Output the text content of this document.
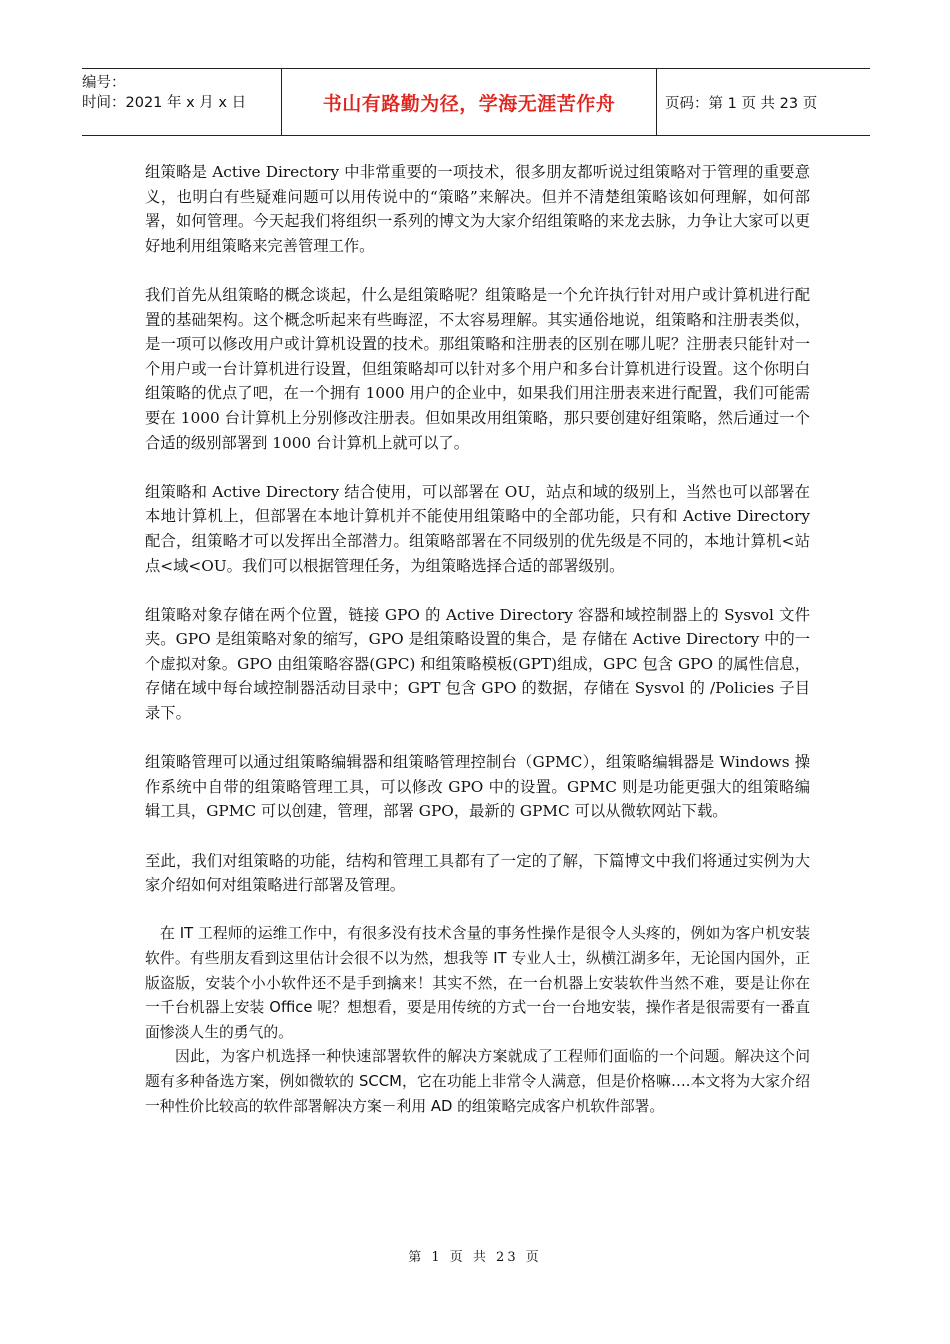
编号：
时间：2021 年 x 月 x 日	书山有路勤为径，学海无涯苦作舟	页码：第 1 页 共 23 页

组策略是 Active Directory 中非常重要的一项技术，很多朋友都听说过组策略对于管理的重要意义，也明白有些疑难问题可以用传说中的“策略”来解决。但并不清楚组策略该如何理解，如何部署，如何管理。今天起我们将组织一系列的博文为大家介绍组策略的来龙去脉，力争让大家可以更好地利用组策略来完善管理工作。

我们首先从组策略的概念谈起，什么是组策略呢？组策略是一个允许执行针对用户或计算机进行配置的基础架构。这个概念听起来有些晦涩，不太容易理解。其实通俗地说，组策略和注册表类似，是一项可以修改用户或计算机设置的技术。那组策略和注册表的区别在哪儿呢？注册表只能针对一个用户或一台计算机进行设置，但组策略却可以针对多个用户和多台计算机进行设置。这个你明白组策略的优点了吧，在一个拥有 1000 用户的企业中，如果我们用注册表来进行配置，我们可能需要在 1000 台计算机上分别修改注册表。但如果改用组策略，那只要创建好组策略，然后通过一个合适的级别部署到 1000 台计算机上就可以了。

组策略和 Active Directory 结合使用，可以部署在 OU，站点和域的级别上，当然也可以部署在本地计算机上，但部署在本地计算机并不能使用组策略中的全部功能，只有和 Active Directory 配合，组策略才可以发挥出全部潜力。组策略部署在不同级别的优先级是不同的，本地计算机<站点<域<OU。我们可以根据管理任务，为组策略选择合适的部署级别。

组策略对象存储在两个位置，链接 GPO 的 Active Directory 容器和域控制器上的 Sysvol 文件夹。GPO 是组策略对象的缩写，GPO 是组策略设置的集合，是 存储在 Active Directory 中的一个虚拟对象。GPO 由组策略容器(GPC) 和组策略模板(GPT)组成，GPC 包含 GPO 的属性信息，存储在域中每台域控制器活动目录中；GPT 包含 GPO 的数据，存储在 Sysvol 的 /Policies 子目录下。

组策略管理可以通过组策略编辑器和组策略管理控制台（GPMC），组策略编辑器是 Windows 操作系统中自带的组策略管理工具，可以修改 GPO 中的设置。GPMC 则是功能更强大的组策略编辑工具，GPMC 可以创建，管理，部署 GPO，最新的 GPMC 可以从微软网站下载。

至此，我们对组策略的功能，结构和管理工具都有了一定的了解，下篇博文中我们将通过实例为大家介绍如何对组策略进行部署及管理。

在 IT 工程师的运维工作中，有很多没有技术含量的事务性操作是很令人头疼的，例如为客户机安装软件。有些朋友看到这里估计会很不以为然，想我等 IT 专业人士，纵横江湖多年，无论国内国外，正版盗版，安装个小小软件还不是手到擒来！其实不然，在一台机器上安装软件当然不难，要是让你在一千台机器上安装 Office 呢？想想看，要是用传统的方式一台一台地安装，操作者是很需要有一番直面惨淡人生的勇气的。

因此，为客户机选择一种快速部署软件的解决方案就成了工程师们面临的一个问题。解决这个问题有多种备选方案，例如微软的 SCCM，它在功能上非常令人满意，但是价格嘛….本文将为大家介绍一种性价比较高的软件部署解决方案－利用 AD 的组策略完成客户机软件部署。

第 1 页 共 23 页
